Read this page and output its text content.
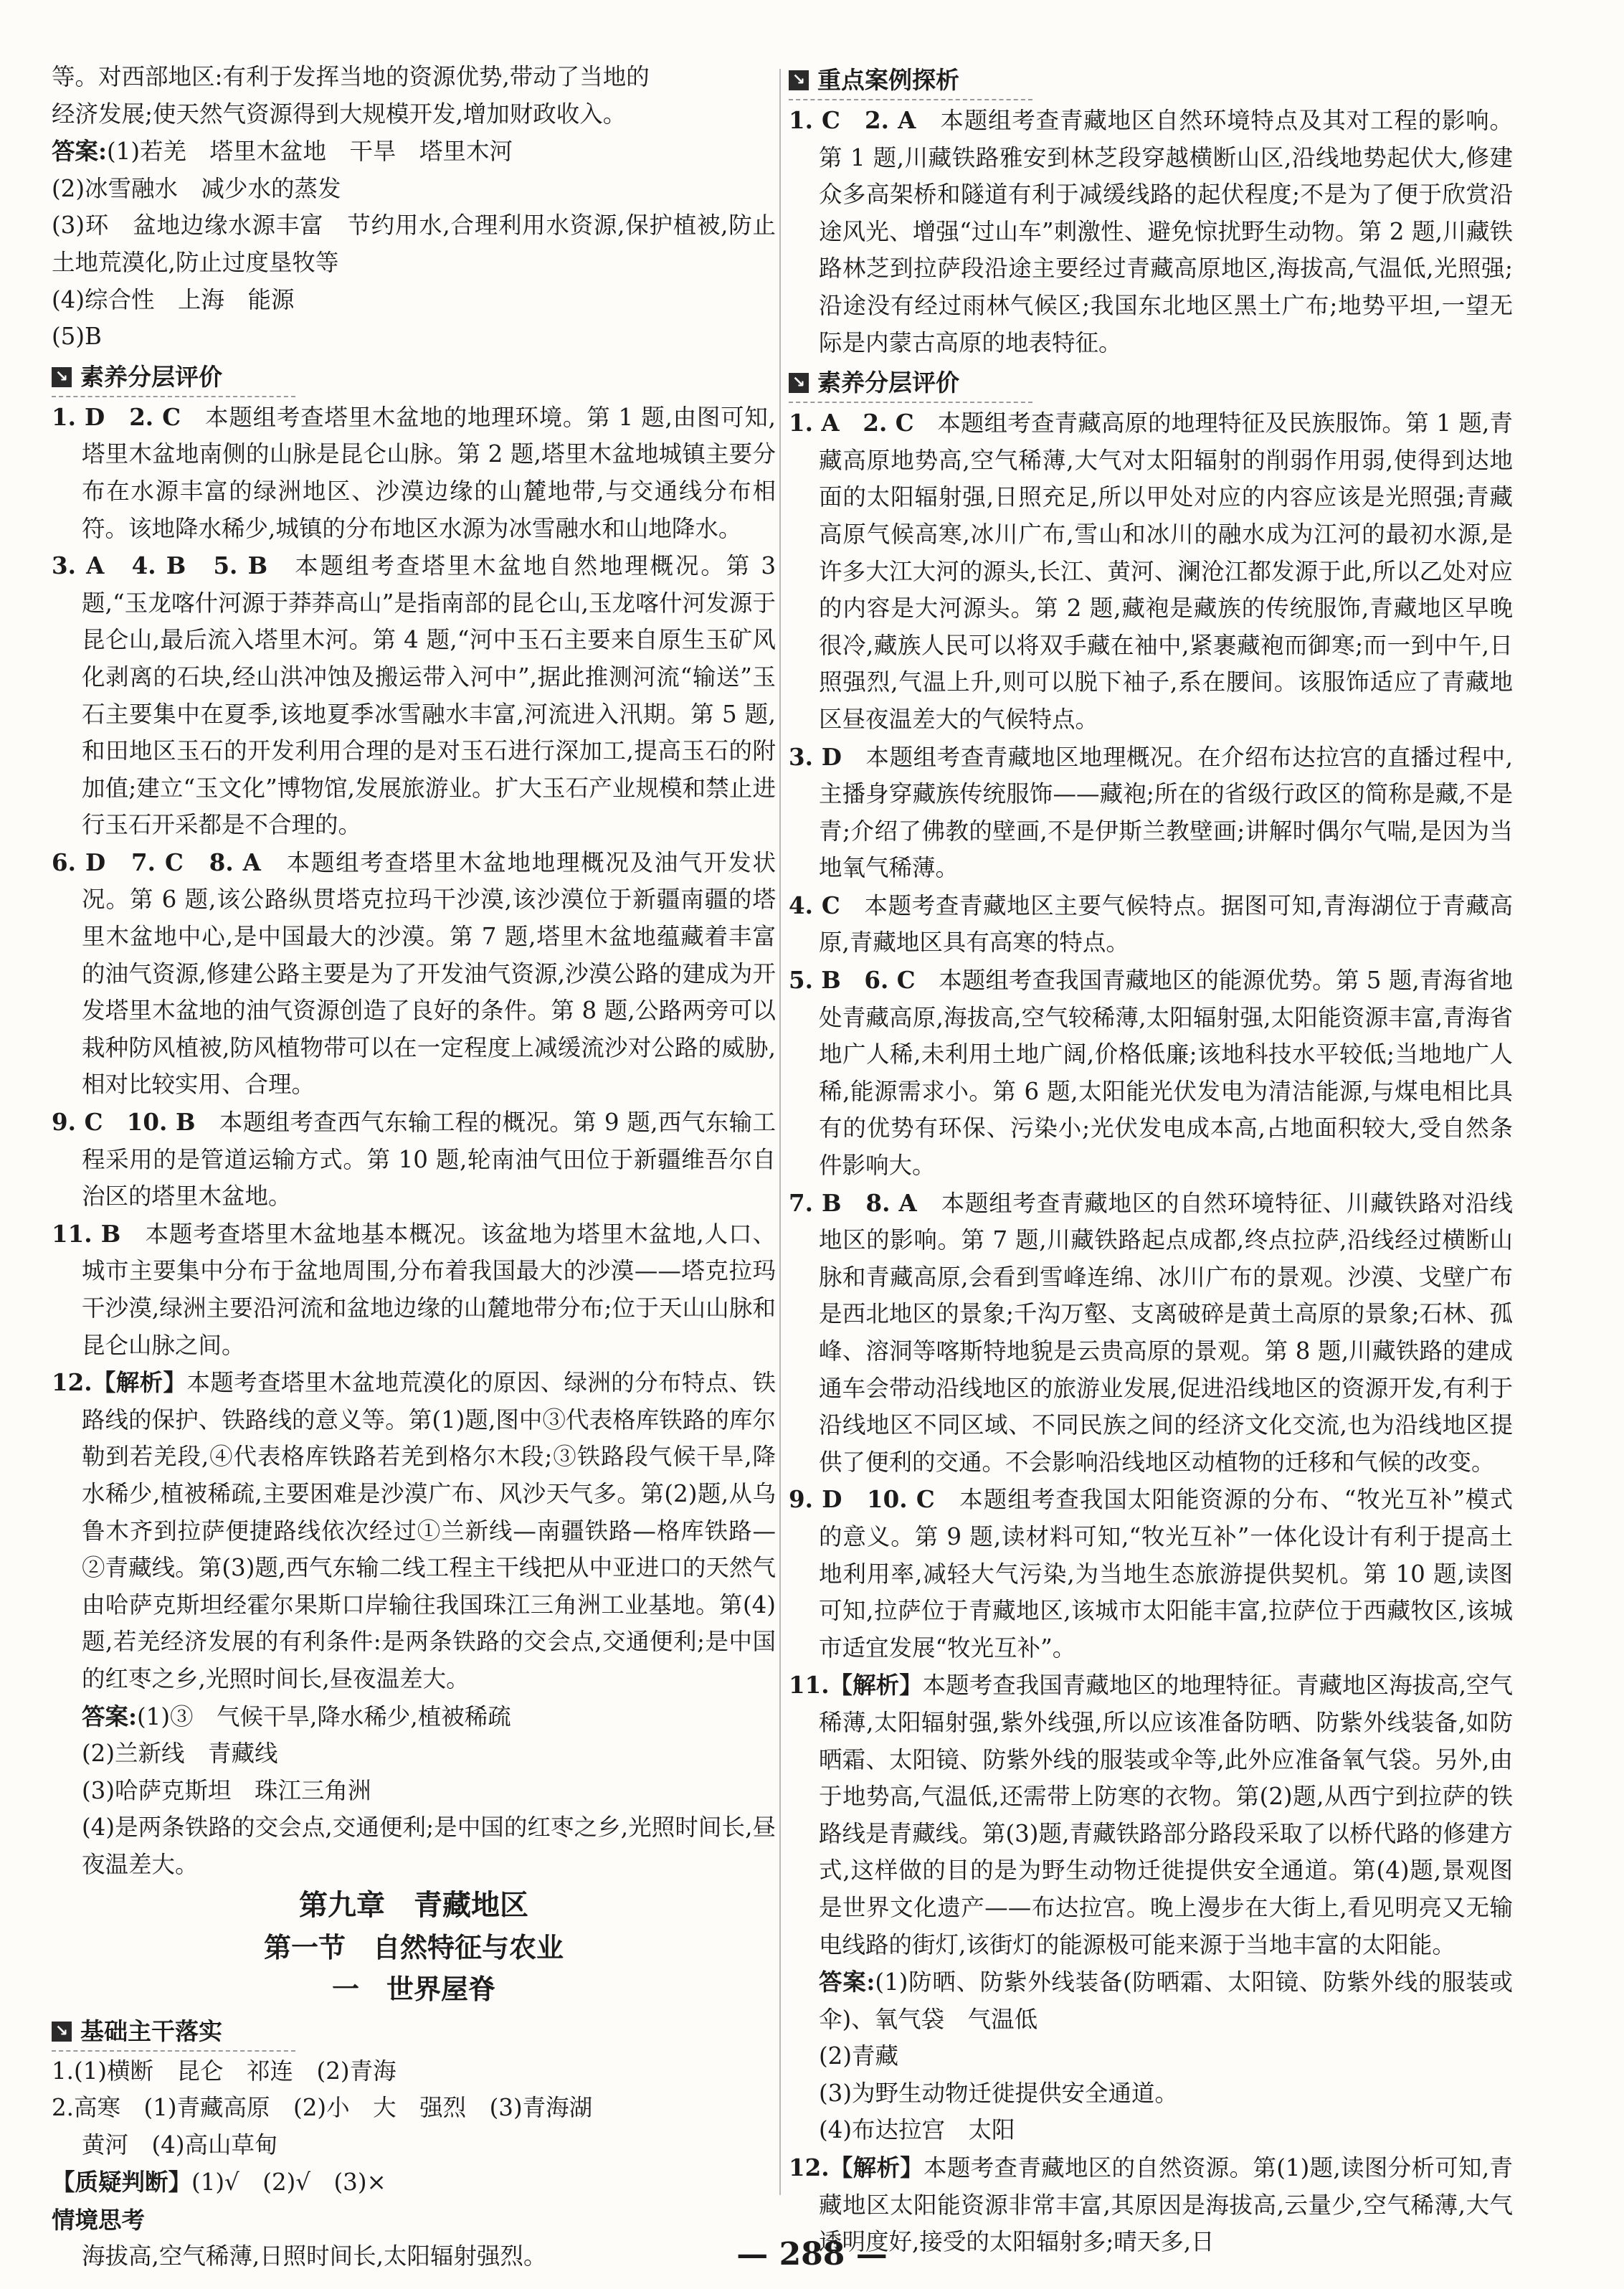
等。对西部地区:有利于发挥当地的资源优势,带动了当地的

经济发展;使天然气资源得到大规模开发,增加财政收入。

答案:(1)若羌　塔里木盆地　干旱　塔里木河

(2)冰雪融水　减少水的蒸发

(3)环　盆地边缘水源丰富　节约用水,合理利用水资源,保护植被,防止土地荒漠化,防止过度垦牧等

(4)综合性　上海　能源

(5)B

↘ 素养分层评价

1. D　2. C　本题组考查塔里木盆地的地理环境。第 1 题,由图可知,塔里木盆地南侧的山脉是昆仑山脉。第 2 题,塔里木盆地城镇主要分布在水源丰富的绿洲地区、沙漠边缘的山麓地带,与交通线分布相符。该地降水稀少,城镇的分布地区水源为冰雪融水和山地降水。

3. A　4. B　5. B　本题组考查塔里木盆地自然地理概况。第 3 题,“玉龙喀什河源于莽莽高山”是指南部的昆仑山,玉龙喀什河发源于昆仑山,最后流入塔里木河。第 4 题,“河中玉石主要来自原生玉矿风化剥离的石块,经山洪冲蚀及搬运带入河中”,据此推测河流“输送”玉石主要集中在夏季,该地夏季冰雪融水丰富,河流进入汛期。第 5 题,和田地区玉石的开发利用合理的是对玉石进行深加工,提高玉石的附加值;建立“玉文化”博物馆,发展旅游业。扩大玉石产业规模和禁止进行玉石开采都是不合理的。

6. D　7. C　8. A　本题组考查塔里木盆地地理概况及油气开发状况。第 6 题,该公路纵贯塔克拉玛干沙漠,该沙漠位于新疆南疆的塔里木盆地中心,是中国最大的沙漠。第 7 题,塔里木盆地蕴藏着丰富的油气资源,修建公路主要是为了开发油气资源,沙漠公路的建成为开发塔里木盆地的油气资源创造了良好的条件。第 8 题,公路两旁可以栽种防风植被,防风植物带可以在一定程度上减缓流沙对公路的威胁,相对比较实用、合理。

9. C　10. B　本题组考查西气东输工程的概况。第 9 题,西气东输工程采用的是管道运输方式。第 10 题,轮南油气田位于新疆维吾尔自治区的塔里木盆地。

11. B　本题考查塔里木盆地基本概况。该盆地为塔里木盆地,人口、城市主要集中分布于盆地周围,分布着我国最大的沙漠——塔克拉玛干沙漠,绿洲主要沿河流和盆地边缘的山麓地带分布;位于天山山脉和昆仑山脉之间。

12.【解析】本题考查塔里木盆地荒漠化的原因、绿洲的分布特点、铁路线的保护、铁路线的意义等。第(1)题,图中③代表格库铁路的库尔勒到若羌段,④代表格库铁路若羌到格尔木段;③铁路段气候干旱,降水稀少,植被稀疏,主要困难是沙漠广布、风沙天气多。第(2)题,从乌鲁木齐到拉萨便捷路线依次经过①兰新线—南疆铁路—格库铁路—②青藏线。第(3)题,西气东输二线工程主干线把从中亚进口的天然气由哈萨克斯坦经霍尔果斯口岸输往我国珠江三角洲工业基地。第(4)题,若羌经济发展的有利条件:是两条铁路的交会点,交通便利;是中国的红枣之乡,光照时间长,昼夜温差大。

答案:(1)③　气候干旱,降水稀少,植被稀疏

(2)兰新线　青藏线

(3)哈萨克斯坦　珠江三角洲

(4)是两条铁路的交会点,交通便利;是中国的红枣之乡,光照时间长,昼夜温差大。

第九章　青藏地区
第一节　自然特征与农业
一　世界屋脊
↘ 基础主干落实

1.(1)横断　昆仑　祁连　(2)青海

2.高寒　(1)青藏高原　(2)小　大　强烈　(3)青海湖

黄河　(4)高山草甸

【质疑判断】(1)√　(2)√　(3)×

情境思考

海拔高,空气稀薄,日照时间长,太阳辐射强烈。

↘ 重点案例探析

1. C　2. A　本题组考查青藏地区自然环境特点及其对工程的影响。第 1 题,川藏铁路雅安到林芝段穿越横断山区,沿线地势起伏大,修建众多高架桥和隧道有利于减缓线路的起伏程度;不是为了便于欣赏沿途风光、增强“过山车”刺激性、避免惊扰野生动物。第 2 题,川藏铁路林芝到拉萨段沿途主要经过青藏高原地区,海拔高,气温低,光照强;沿途没有经过雨林气候区;我国东北地区黑土广布;地势平坦,一望无际是内蒙古高原的地表特征。

↘ 素养分层评价

1. A　2. C　本题组考查青藏高原的地理特征及民族服饰。第 1 题,青藏高原地势高,空气稀薄,大气对太阳辐射的削弱作用弱,使得到达地面的太阳辐射强,日照充足,所以甲处对应的内容应该是光照强;青藏高原气候高寒,冰川广布,雪山和冰川的融水成为江河的最初水源,是许多大江大河的源头,长江、黄河、澜沧江都发源于此,所以乙处对应的内容是大河源头。第 2 题,藏袍是藏族的传统服饰,青藏地区早晚很冷,藏族人民可以将双手藏在袖中,紧裹藏袍而御寒;而一到中午,日照强烈,气温上升,则可以脱下袖子,系在腰间。该服饰适应了青藏地区昼夜温差大的气候特点。

3. D　本题组考查青藏地区地理概况。在介绍布达拉宫的直播过程中,主播身穿藏族传统服饰——藏袍;所在的省级行政区的简称是藏,不是青;介绍了佛教的壁画,不是伊斯兰教壁画;讲解时偶尔气喘,是因为当地氧气稀薄。

4. C　本题考查青藏地区主要气候特点。据图可知,青海湖位于青藏高原,青藏地区具有高寒的特点。

5. B　6. C　本题组考查我国青藏地区的能源优势。第 5 题,青海省地处青藏高原,海拔高,空气较稀薄,太阳辐射强,太阳能资源丰富,青海省地广人稀,未利用土地广阔,价格低廉;该地科技水平较低;当地地广人稀,能源需求小。第 6 题,太阳能光伏发电为清洁能源,与煤电相比具有的优势有环保、污染小;光伏发电成本高,占地面积较大,受自然条件影响大。

7. B　8. A　本题组考查青藏地区的自然环境特征、川藏铁路对沿线地区的影响。第 7 题,川藏铁路起点成都,终点拉萨,沿线经过横断山脉和青藏高原,会看到雪峰连绵、冰川广布的景观。沙漠、戈壁广布是西北地区的景象;千沟万壑、支离破碎是黄土高原的景象;石林、孤峰、溶洞等喀斯特地貌是云贵高原的景观。第 8 题,川藏铁路的建成通车会带动沿线地区的旅游业发展,促进沿线地区的资源开发,有利于沿线地区不同区域、不同民族之间的经济文化交流,也为沿线地区提供了便利的交通。不会影响沿线地区动植物的迁移和气候的改变。

9. D　10. C　本题组考查我国太阳能资源的分布、“牧光互补”模式的意义。第 9 题,读材料可知,“牧光互补”一体化设计有利于提高土地利用率,减轻大气污染,为当地生态旅游提供契机。第 10 题,读图可知,拉萨位于青藏地区,该城市太阳能丰富,拉萨位于西藏牧区,该城市适宜发展“牧光互补”。

11.【解析】本题考查我国青藏地区的地理特征。青藏地区海拔高,空气稀薄,太阳辐射强,紫外线强,所以应该准备防晒、防紫外线装备,如防晒霜、太阳镜、防紫外线的服装或伞等,此外应准备氧气袋。另外,由于地势高,气温低,还需带上防寒的衣物。第(2)题,从西宁到拉萨的铁路线是青藏线。第(3)题,青藏铁路部分路段采取了以桥代路的修建方式,这样做的目的是为野生动物迁徙提供安全通道。第(4)题,景观图是世界文化遗产——布达拉宫。晚上漫步在大街上,看见明亮又无输电线路的街灯,该街灯的能源极可能来源于当地丰富的太阳能。

答案:(1)防晒、防紫外线装备(防晒霜、太阳镜、防紫外线的服装或伞)、氧气袋　气温低

(2)青藏

(3)为野生动物迁徙提供安全通道。

(4)布达拉宫　太阳

12.【解析】本题考查青藏地区的自然资源。第(1)题,读图分析可知,青藏地区太阳能资源非常丰富,其原因是海拔高,云量少,空气稀薄,大气透明度好,接受的太阳辐射多;晴天多,日

— 288 —
